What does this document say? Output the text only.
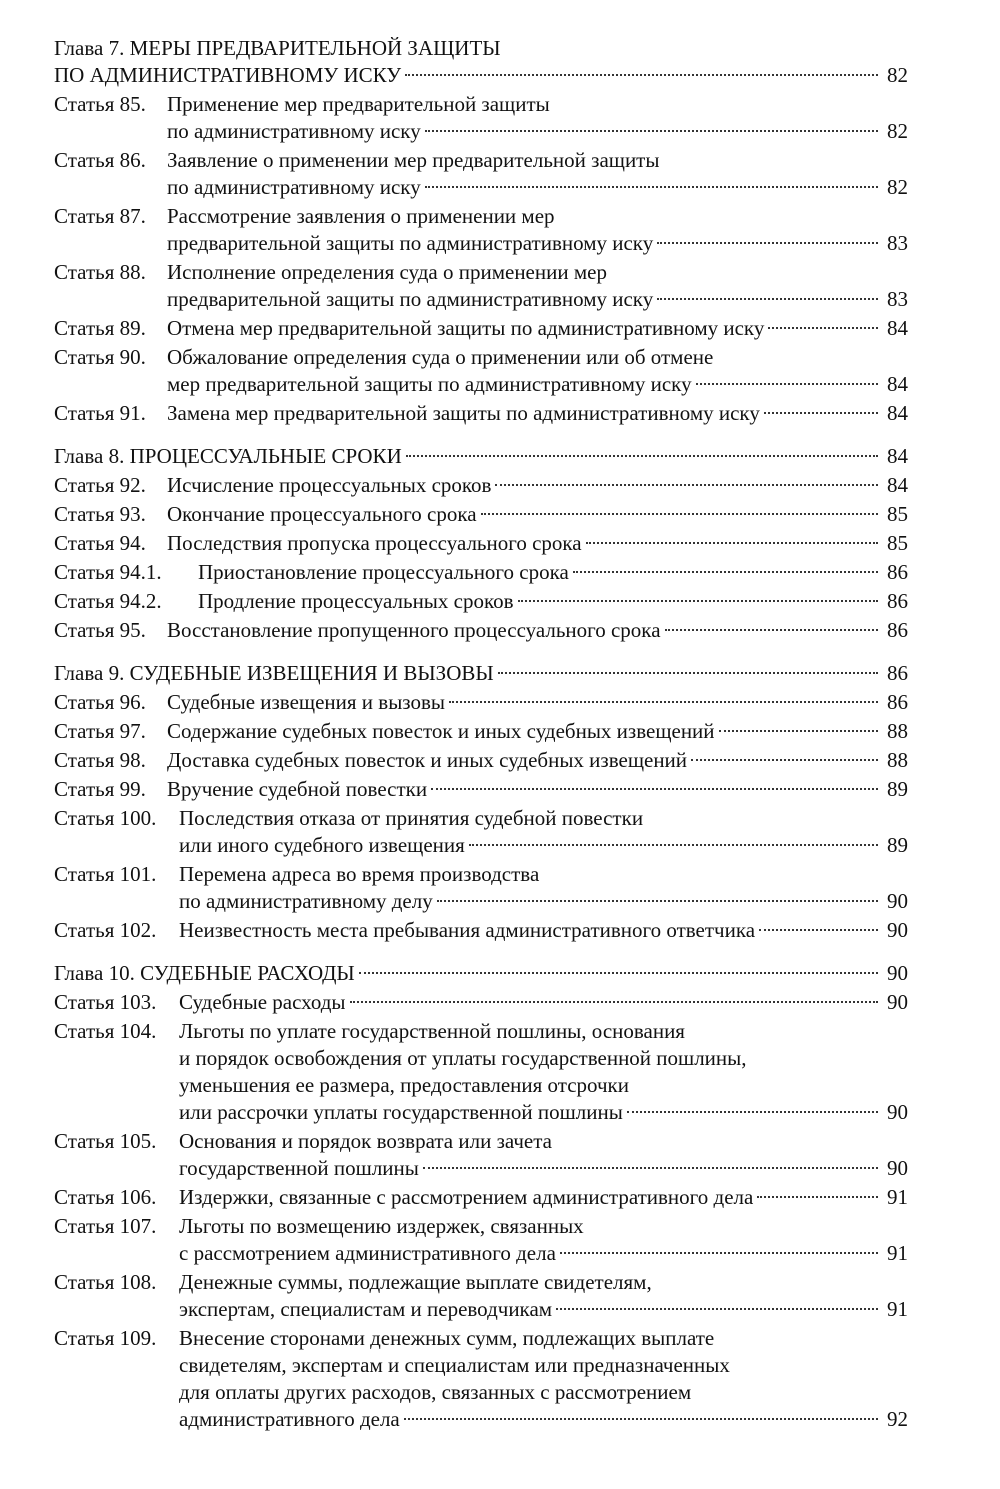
Глава 7. МЕРЫ ПРЕДВАРИТЕЛЬНОЙ ЗАЩИТЫ
ПО АДМИНИСТРАТИВНОМУ ИСКУ	82
Статья 85.	Применение мер предварительной защиты
по административному иску	82
Статья 86.	Заявление о применении мер предварительной защиты
по административному иску	82
Статья 87.	Рассмотрение заявления о применении мер
предварительной защиты по административному иску	83
Статья 88.	Исполнение определения суда о применении мер
предварительной защиты по административному иску	83
Статья 89.	Отмена мер предварительной защиты по административному иску	84
Статья 90.	Обжалование определения суда о применении или об отмене
мер предварительной защиты по административному иску	84
Статья 91.	Замена мер предварительной защиты по административному иску	84
Глава 8. ПРОЦЕССУАЛЬНЫЕ СРОКИ	84
Статья 92.	Исчисление процессуальных сроков	84
Статья 93.	Окончание процессуального срока	85
Статья 94.	Последствия пропуска процессуального срока	85
Статья 94.1.	Приостановление процессуального срока	86
Статья 94.2.	Продление процессуальных сроков	86
Статья 95.	Восстановление пропущенного процессуального срока	86
Глава 9. СУДЕБНЫЕ ИЗВЕЩЕНИЯ И ВЫЗОВЫ	86
Статья 96.	Судебные извещения и вызовы	86
Статья 97.	Содержание судебных повесток и иных судебных извещений	88
Статья 98.	Доставка судебных повесток и иных судебных извещений	88
Статья 99.	Вручение судебной повестки	89
Статья 100.	Последствия отказа от принятия судебной повестки
или иного судебного извещения	89
Статья 101.	Перемена адреса во время производства
по административному делу	90
Статья 102.	Неизвестность места пребывания административного ответчика	90
Глава 10. СУДЕБНЫЕ РАСХОДЫ	90
Статья 103.	Судебные расходы	90
Статья 104.	Льготы по уплате государственной пошлины, основания
и порядок освобождения от уплаты государственной пошлины,
уменьшения ее размера, предоставления отсрочки
или рассрочки уплаты государственной пошлины	90
Статья 105.	Основания и порядок возврата или зачета
государственной пошлины	90
Статья 106.	Издержки, связанные с рассмотрением административного дела	91
Статья 107.	Льготы по возмещению издержек, связанных
с рассмотрением административного дела	91
Статья 108.	Денежные суммы, подлежащие выплате свидетелям,
экспертам, специалистам и переводчикам	91
Статья 109.	Внесение сторонами денежных сумм, подлежащих выплате
свидетелям, экспертам и специалистам или предназначенных
для оплаты других расходов, связанных с рассмотрением
административного дела	92
